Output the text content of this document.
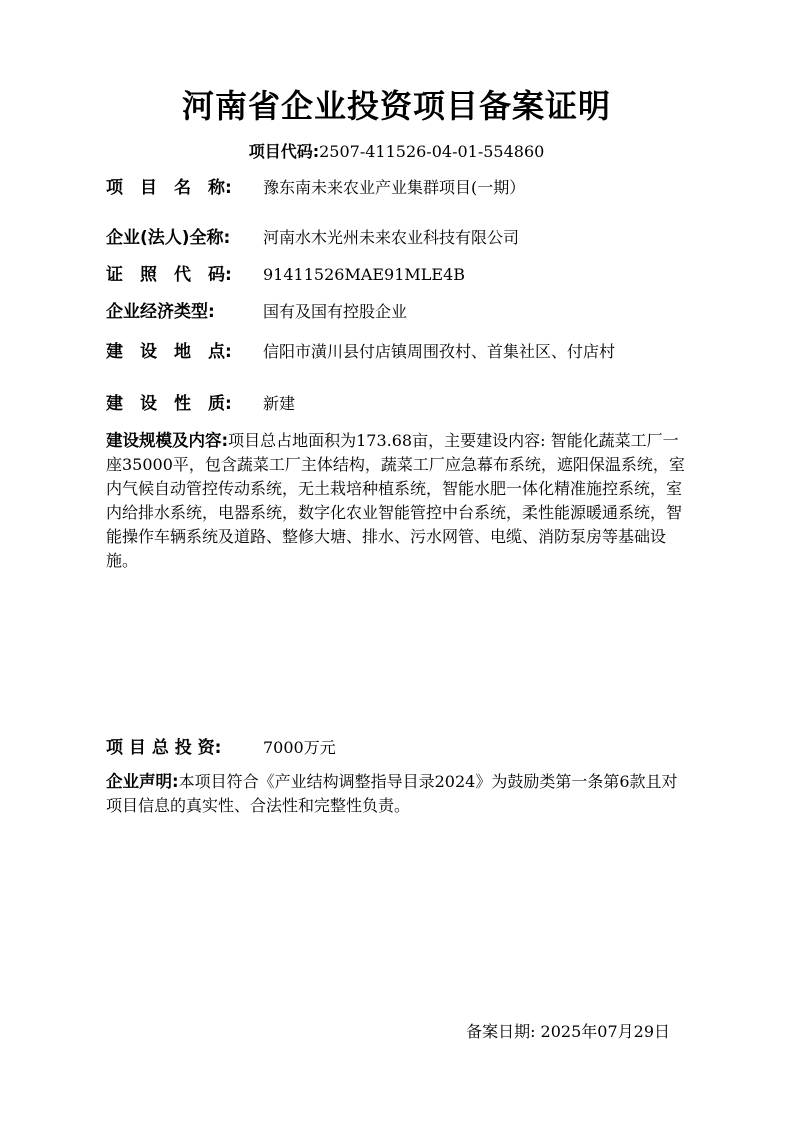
河南省企业投资项目备案证明
项目代码:2507-411526-04-01-554860
项　目　名　称:	豫东南未来农业产业集群项目(一期）
企业(法人)全称:	河南水木光州未来农业科技有限公司
证　照　代　码:	91411526MAE91MLE4B
企业经济类型:	国有及国有控股企业
建　设　地　点:	信阳市潢川县付店镇周围孜村、首集社区、付店村
建　设　性　质:	新建
建设规模及内容:项目总占地面积为173.68亩，主要建设内容: 智能化蔬菜工厂一座35000平，包含蔬菜工厂主体结构，蔬菜工厂应急幕布系统，遮阳保温系统，室内气候自动管控传动系统，无土栽培种植系统，智能水肥一体化精准施控系统，室内给排水系统，电器系统，数字化农业智能管控中台系统，柔性能源暖通系统，智能操作车辆系统及道路、整修大塘、排水、污水网管、电缆、消防泵房等基础设施。
项 目 总 投 资:	7000万元
企业声明:本项目符合《产业结构调整指导目录2024》为鼓励类第一条第6款且对项目信息的真实性、合法性和完整性负责。
备案日期: 2025年07月29日
